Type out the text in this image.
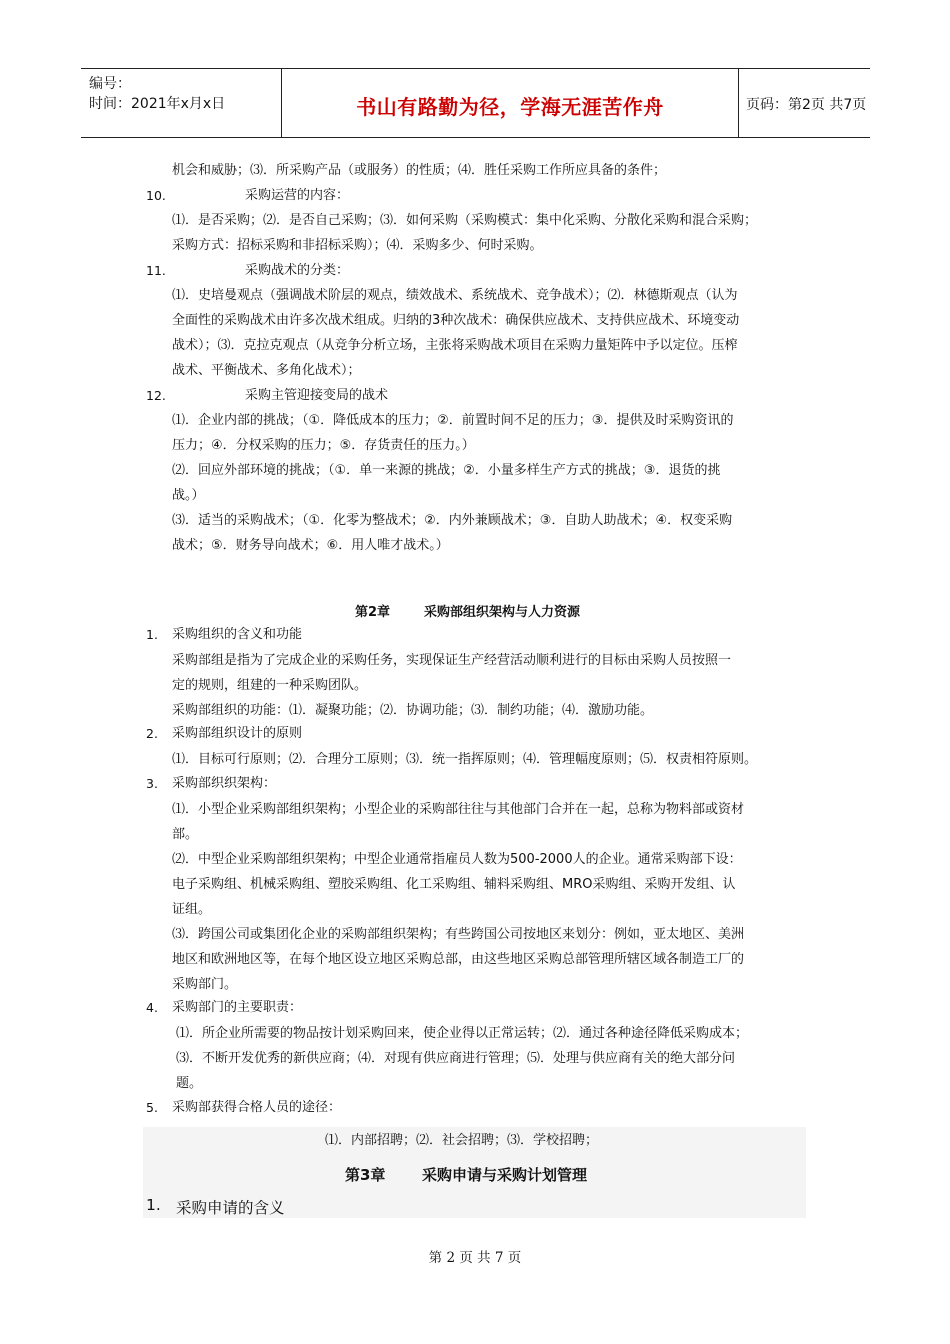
编号：
时间：2021年x月x日	书山有路勤为径，学海无涯苦作舟	页码：第2页 共7页
机会和威胁；⑶．所采购产品（或服务）的性质；⑷．胜任采购工作所应具备的条件；
10.	采购运营的内容：
⑴．是否采购；⑵．是否自己采购；⑶．如何采购（采购模式：集中化采购、分散化采购和混合采购；
采购方式：招标采购和非招标采购）；⑷．采购多少、何时采购。
11.	采购战术的分类：
⑴．史培曼观点（强调战术阶层的观点，绩效战术、系统战术、竞争战术）；⑵．林德斯观点（认为
全面性的采购战术由许多次战术组成。归纳的3种次战术：确保供应战术、支持供应战术、环境变动
战术）；⑶．克拉克观点（从竞争分析立场，主张将采购战术项目在采购力量矩阵中予以定位。压榨
战术、平衡战术、多角化战术）；
12.	采购主管迎接变局的战术
⑴．企业内部的挑战；（①．降低成本的压力；②．前置时间不足的压力；③．提供及时采购资讯的
压力；④．分权采购的压力；⑤．存货责任的压力。）
⑵．回应外部环境的挑战；（①．单一来源的挑战；②．小量多样生产方式的挑战；③．退货的挑
战。）
⑶．适当的采购战术；（①．化零为整战术；②．内外兼顾战术；③．自助人助战术；④．权变采购
战术；⑤．财务导向战术；⑥．用人唯才战术。）
第2章	采购部组织架构与人力资源
1. 采购组织的含义和功能
采购部组是指为了完成企业的采购任务，实现保证生产经营活动顺利进行的目标由采购人员按照一
定的规则，组建的一种采购团队。
采购部组织的功能：⑴．凝聚功能；⑵．协调功能；⑶．制约功能；⑷．激励功能。
2. 采购部组织设计的原则
⑴．目标可行原则；⑵．合理分工原则；⑶．统一指挥原则；⑷．管理幅度原则；⑸．权责相符原则。
3. 采购部织织架构：
⑴．小型企业采购部组织架构；小型企业的采购部往往与其他部门合并在一起，总称为物料部或资材
部。
⑵．中型企业采购部组织架构；中型企业通常指雇员人数为500-2000人的企业。通常采购部下设：
电子采购组、机械采购组、塑胶采购组、化工采购组、辅料采购组、MRO采购组、采购开发组、认
证组。
⑶．跨国公司或集团化企业的采购部组织架构；有些跨国公司按地区来划分：例如，亚太地区、美洲
地区和欧洲地区等，在每个地区设立地区采购总部，由这些地区采购总部管理所辖区域各制造工厂的
采购部门。
4. 采购部门的主要职责：
⑴．所企业所需要的物品按计划采购回来，使企业得以正常运转；⑵．通过各种途径降低采购成本；
⑶．不断开发优秀的新供应商；⑷．对现有供应商进行管理；⑸．处理与供应商有关的绝大部分问
题。
5. 采购部获得合格人员的途径：
⑴．内部招聘；⑵．社会招聘；⑶．学校招聘；
第3章 采购申请与采购计划管理
1. 采购申请的含义
第 2 页 共 7 页
